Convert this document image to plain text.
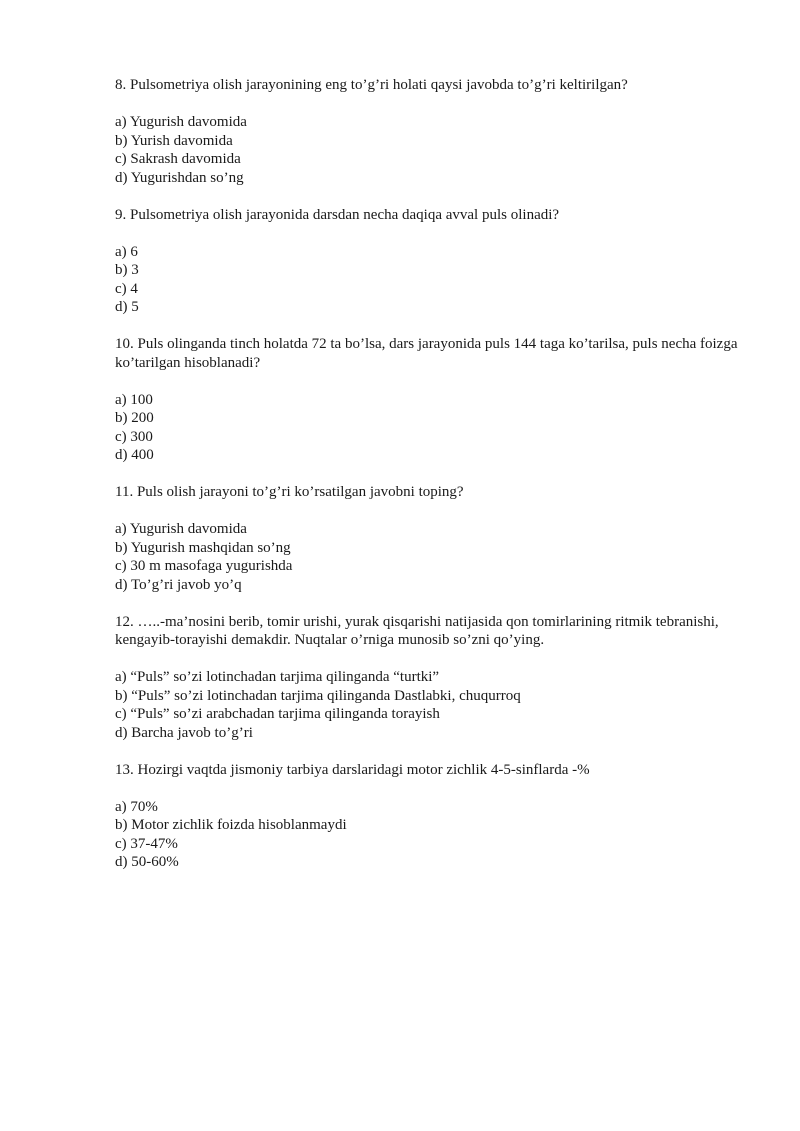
8. Pulsometriya olish jarayonining eng to’g’ri holati qaysi javobda to’g’ri keltirilgan?

a) Yugurish davomida
b) Yurish davomida
c) Sakrash davomida
d) Yugurishdan so’ng

9. Pulsometriya olish jarayonida darsdan necha daqiqa avval puls olinadi?

a) 6
b) 3
c) 4
d) 5

10. Puls olinganda tinch holatda 72 ta bo’lsa, dars jarayonida puls 144 taga ko’tarilsa, puls necha foizga ko’tarilgan hisoblanadi?

a) 100
b) 200
c) 300
d) 400

11. Puls olish jarayoni to’g’ri ko’rsatilgan javobni toping?

a) Yugurish davomida
b) Yugurish mashqidan so’ng
c) 30 m masofaga yugurishda
d) To’g’ri javob yo’q

12. …..-ma’nosini berib, tomir urishi, yurak qisqarishi natijasida qon tomirlarining ritmik tebranishi, kengayib-torayishi demakdir. Nuqtalar o’rniga munosib so’zni qo’ying.

a) “Puls” so’zi lotinchadan tarjima qilinganda “turtki”
b) “Puls” so’zi lotinchadan tarjima qilinganda Dastlabki, chuqurroq
c) “Puls” so’zi arabchadan tarjima qilinganda torayish
d) Barcha javob to’g’ri

13. Hozirgi vaqtda jismoniy tarbiya darslaridagi motor zichlik 4-5-sinflarda -%

a) 70%
b) Motor zichlik foizda hisoblanmaydi
c) 37-47%
d) 50-60%
